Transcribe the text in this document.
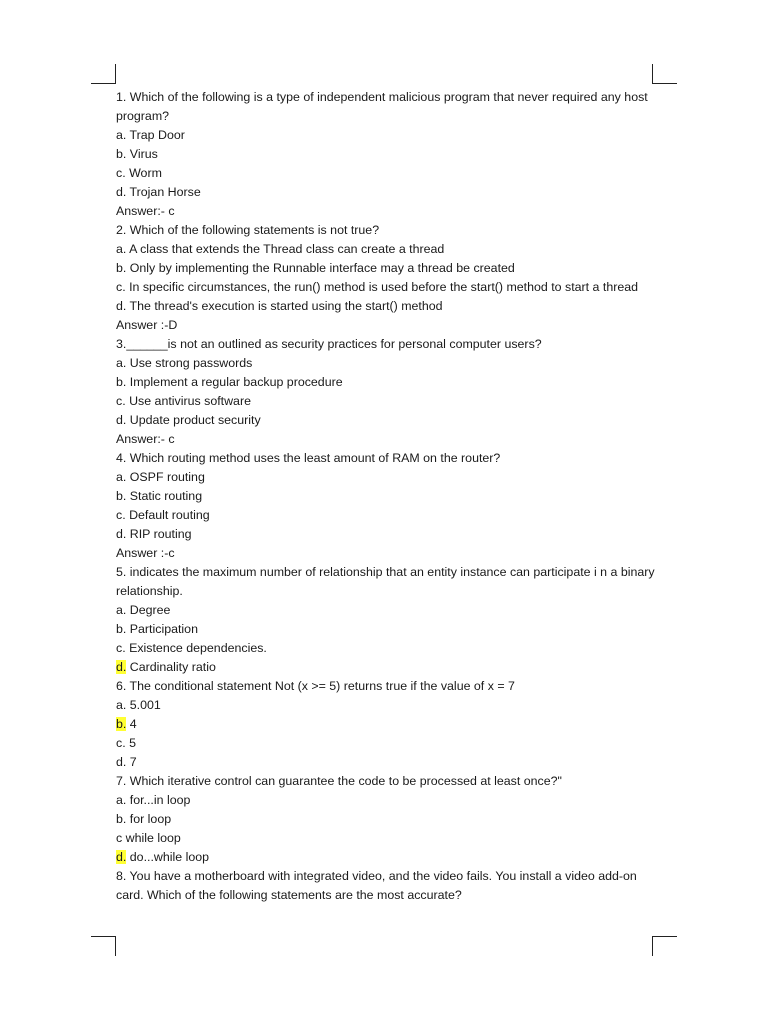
1. Which of the following is a type of independent malicious program that never required any host program?
a. Trap Door
b. Virus
c. Worm
d. Trojan Horse
Answer:- c
2. Which of the following statements is not true?
a. A class that extends the Thread class can create a thread
b. Only by implementing the Runnable interface may a thread be created
c. In specific circumstances, the run() method is used before the start() method to start a thread
d. The thread's execution is started using the start() method
Answer :-D
3.______is not an outlined as security practices for personal computer users?
a. Use strong passwords
b. Implement a regular backup procedure
c. Use antivirus software
d. Update product security
Answer:- c
4. Which routing method uses the least amount of RAM on the router?
a. OSPF routing
b. Static routing
c. Default routing
d. RIP routing
Answer :-c
5. indicates the maximum number of relationship that an entity instance can participate i n a binary relationship.
a. Degree
b. Participation
c. Existence dependencies.
d. Cardinality ratio
6. The conditional statement Not (x >= 5) returns true if the value of x = 7
a. 5.001
b. 4
c. 5
d. 7
7. Which iterative control can guarantee the code to be processed at least once?"
a. for...in loop
b. for loop
c while loop
d. do...while loop
8. You have a motherboard with integrated video, and the video fails. You install a video add-on card. Which of the following statements are the most accurate?
